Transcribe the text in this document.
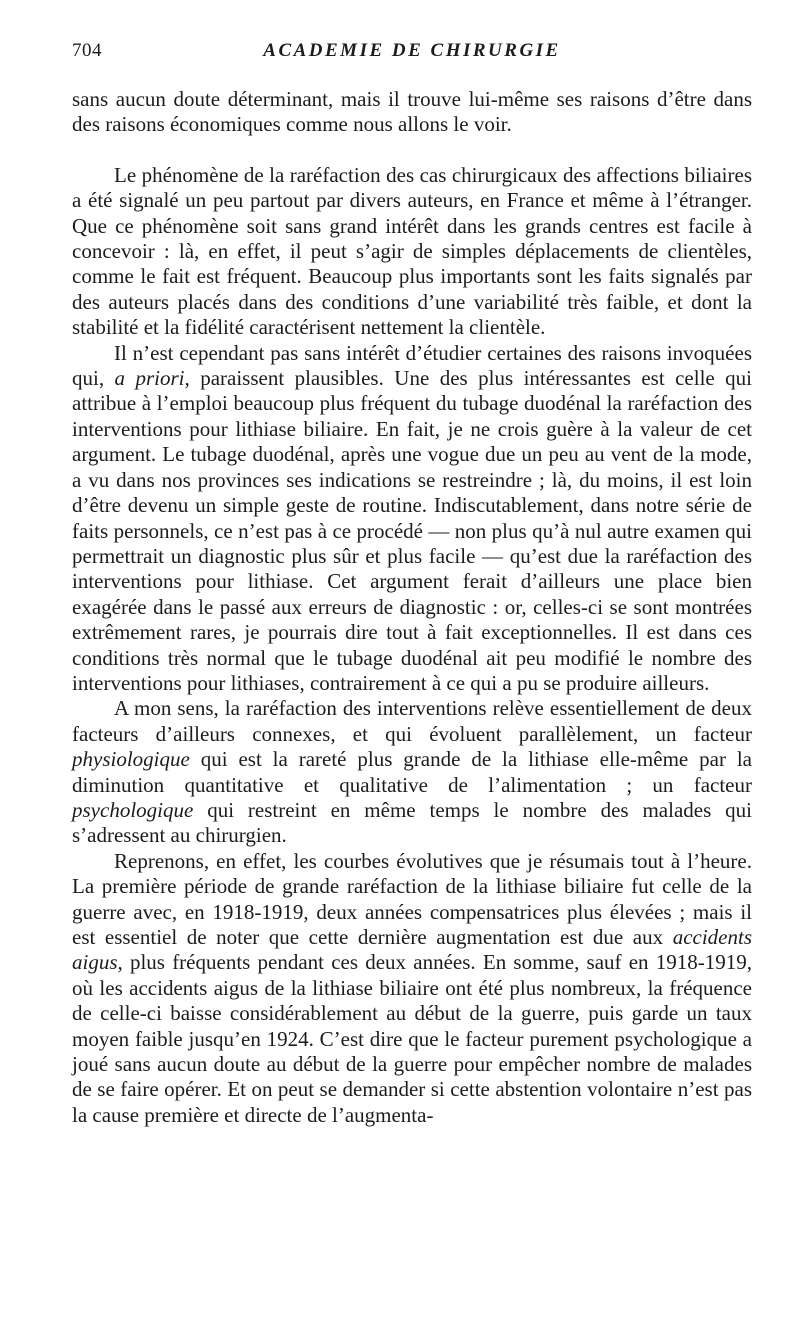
704	ACADEMIE DE CHIRURGIE

sans aucun doute déterminant, mais il trouve lui-même ses raisons d’être dans des raisons économiques comme nous allons le voir.

Le phénomène de la raréfaction des cas chirurgicaux des affections biliaires a été signalé un peu partout par divers auteurs, en France et même à l’étranger. Que ce phénomène soit sans grand intérêt dans les grands centres est facile à concevoir : là, en effet, il peut s’agir de simples déplacements de clientèles, comme le fait est fréquent. Beaucoup plus importants sont les faits signalés par des auteurs placés dans des conditions d’une variabilité très faible, et dont la stabilité et la fidélité caractérisent nettement la clientèle.

Il n’est cependant pas sans intérêt d’étudier certaines des raisons invoquées qui, a priori, paraissent plausibles. Une des plus intéressantes est celle qui attribue à l’emploi beaucoup plus fréquent du tubage duodénal la raréfaction des interventions pour lithiase biliaire. En fait, je ne crois guère à la valeur de cet argument. Le tubage duodénal, après une vogue due un peu au vent de la mode, a vu dans nos provinces ses indications se restreindre ; là, du moins, il est loin d’être devenu un simple geste de routine. Indiscutablement, dans notre série de faits personnels, ce n’est pas à ce procédé — non plus qu’à nul autre examen qui permettrait un diagnostic plus sûr et plus facile — qu’est due la raréfaction des interventions pour lithiase. Cet argument ferait d’ailleurs une place bien exagérée dans le passé aux erreurs de diagnostic : or, celles-ci se sont montrées extrêmement rares, je pourrais dire tout à fait exceptionnelles. Il est dans ces conditions très normal que le tubage duodénal ait peu modifié le nombre des interventions pour lithiases, contrairement à ce qui a pu se produire ailleurs.

A mon sens, la raréfaction des interventions relève essentiellement de deux facteurs d’ailleurs connexes, et qui évoluent parallèlement, un facteur physiologique qui est la rareté plus grande de la lithiase elle-même par la diminution quantitative et qualitative de l’alimentation ; un facteur psychologique qui restreint en même temps le nombre des malades qui s’adressent au chirurgien.

Reprenons, en effet, les courbes évolutives que je résumais tout à l’heure. La première période de grande raréfaction de la lithiase biliaire fut celle de la guerre avec, en 1918-1919, deux années compensatrices plus élevées ; mais il est essentiel de noter que cette dernière augmentation est due aux accidents aigus, plus fréquents pendant ces deux années. En somme, sauf en 1918-1919, où les accidents aigus de la lithiase biliaire ont été plus nombreux, la fréquence de celle-ci baisse considérablement au début de la guerre, puis garde un taux moyen faible jusqu’en 1924. C’est dire que le facteur purement psychologique a joué sans aucun doute au début de la guerre pour empêcher nombre de malades de se faire opérer. Et on peut se demander si cette abstention volontaire n’est pas la cause première et directe de l’augmenta-
